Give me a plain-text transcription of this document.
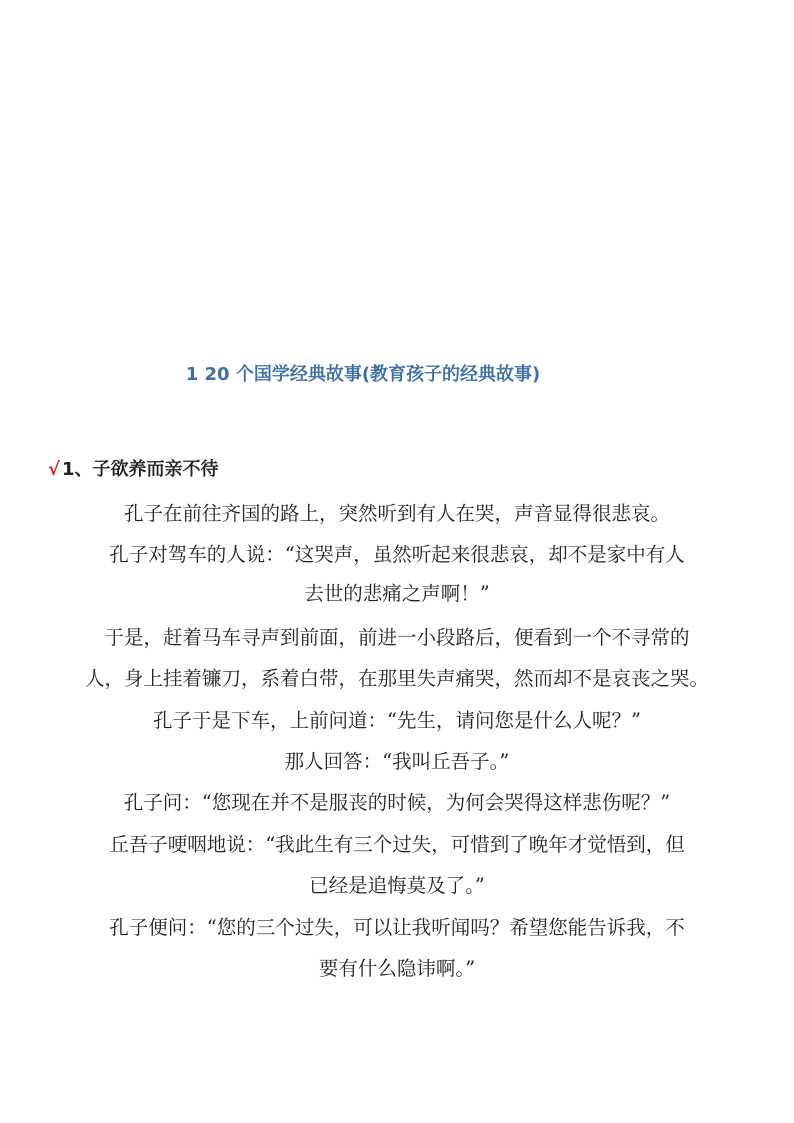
1 20 个国学经典故事(教育孩子的经典故事)
√ 1、子欲养而亲不待
孔子在前往齐国的路上，突然听到有人在哭，声音显得很悲哀。
孔子对驾车的人说：“这哭声，虽然听起来很悲哀，却不是家中有人
去世的悲痛之声啊！”
于是，赶着马车寻声到前面，前进一小段路后，便看到一个不寻常的
人，身上挂着镰刀，系着白带，在那里失声痛哭，然而却不是哀丧之哭。
孔子于是下车，上前问道：“先生，请问您是什么人呢？”
那人回答：“我叫丘吾子。”
孔子问：“您现在并不是服丧的时候，为何会哭得这样悲伤呢？”
丘吾子哽咽地说：“我此生有三个过失，可惜到了晚年才觉悟到，但
已经是追悔莫及了。”
孔子便问：“您的三个过失，可以让我听闻吗？希望您能告诉我，不
要有什么隐讳啊。”
